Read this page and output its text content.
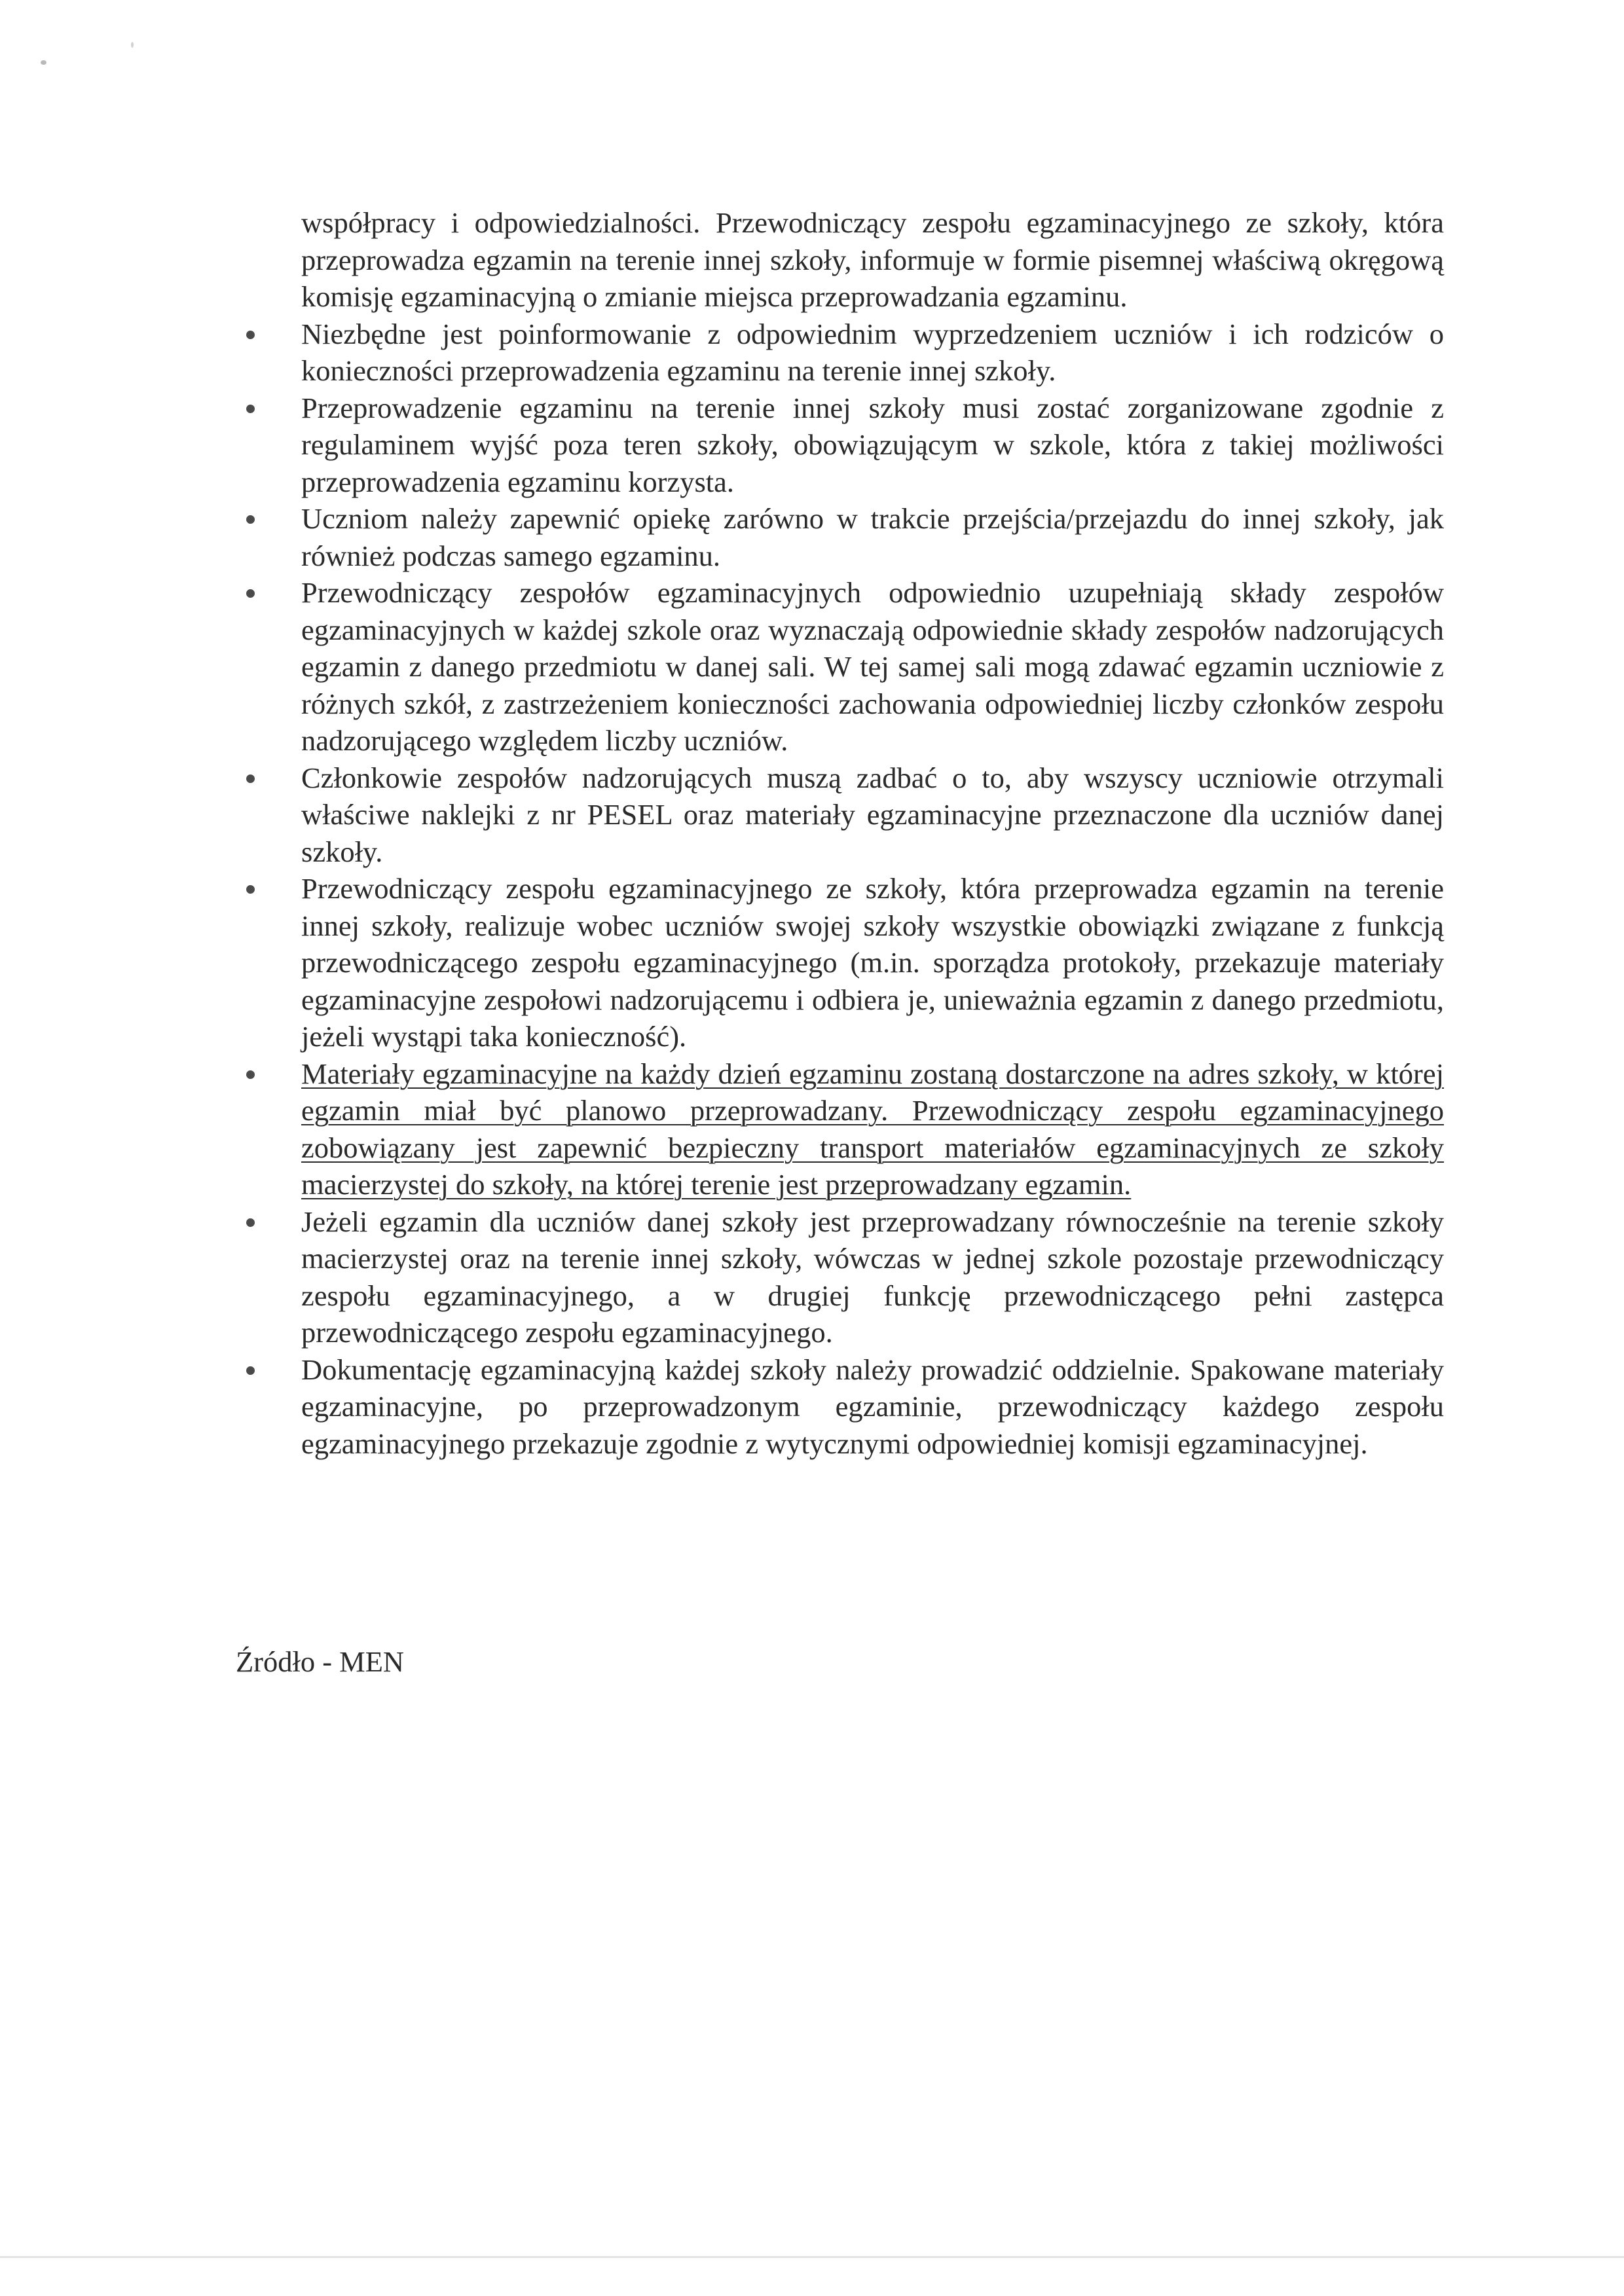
współpracy i odpowiedzialności. Przewodniczący zespołu egzaminacyjnego ze szkoły, która przeprowadza egzamin na terenie innej szkoły, informuje w formie pisemnej właściwą okręgową komisję egzaminacyjną o zmianie miejsca przeprowadzania egzaminu.

Niezbędne jest poinformowanie z odpowiednim wyprzedzeniem uczniów i ich rodziców o konieczności przeprowadzenia egzaminu na terenie innej szkoły.
Przeprowadzenie egzaminu na terenie innej szkoły musi zostać zorganizowane zgodnie z regulaminem wyjść poza teren szkoły, obowiązującym w szkole, która z takiej możliwości przeprowadzenia egzaminu korzysta.
Uczniom należy zapewnić opiekę zarówno w trakcie przejścia/przejazdu do innej szkoły, jak również podczas samego egzaminu.
Przewodniczący zespołów egzaminacyjnych odpowiednio uzupełniają składy zespołów egzaminacyjnych w każdej szkole oraz wyznaczają odpowiednie składy zespołów nadzorujących egzamin z danego przedmiotu w danej sali. W tej samej sali mogą zdawać egzamin uczniowie z różnych szkół, z zastrzeżeniem konieczności zachowania odpowiedniej liczby członków zespołu nadzorującego względem liczby uczniów.
Członkowie zespołów nadzorujących muszą zadbać o to, aby wszyscy uczniowie otrzymali właściwe naklejki z nr PESEL oraz materiały egzaminacyjne przeznaczone dla uczniów danej szkoły.
Przewodniczący zespołu egzaminacyjnego ze szkoły, która przeprowadza egzamin na terenie innej szkoły, realizuje wobec uczniów swojej szkoły wszystkie obowiązki związane z funkcją przewodniczącego zespołu egzaminacyjnego (m.in. sporządza protokoły, przekazuje materiały egzaminacyjne zespołowi nadzorującemu i odbiera je, unieważnia egzamin z danego przedmiotu, jeżeli wystąpi taka konieczność).
Materiały egzaminacyjne na każdy dzień egzaminu zostaną dostarczone na adres szkoły, w której egzamin miał być planowo przeprowadzany. Przewodniczący zespołu egzaminacyjnego zobowiązany jest zapewnić bezpieczny transport materiałów egzaminacyjnych ze szkoły macierzystej do szkoły, na której terenie jest przeprowadzany egzamin.
Jeżeli egzamin dla uczniów danej szkoły jest przeprowadzany równocześnie na terenie szkoły macierzystej oraz na terenie innej szkoły, wówczas w jednej szkole pozostaje przewodniczący zespołu egzaminacyjnego, a w drugiej funkcję przewodniczącego pełni zastępca przewodniczącego zespołu egzaminacyjnego.
Dokumentację egzaminacyjną każdej szkoły należy prowadzić oddzielnie. Spakowane materiały egzaminacyjne, po przeprowadzonym egzaminie, przewodniczący każdego zespołu egzaminacyjnego przekazuje zgodnie z wytycznymi odpowiedniej komisji egzaminacyjnej.
Źródło - MEN
